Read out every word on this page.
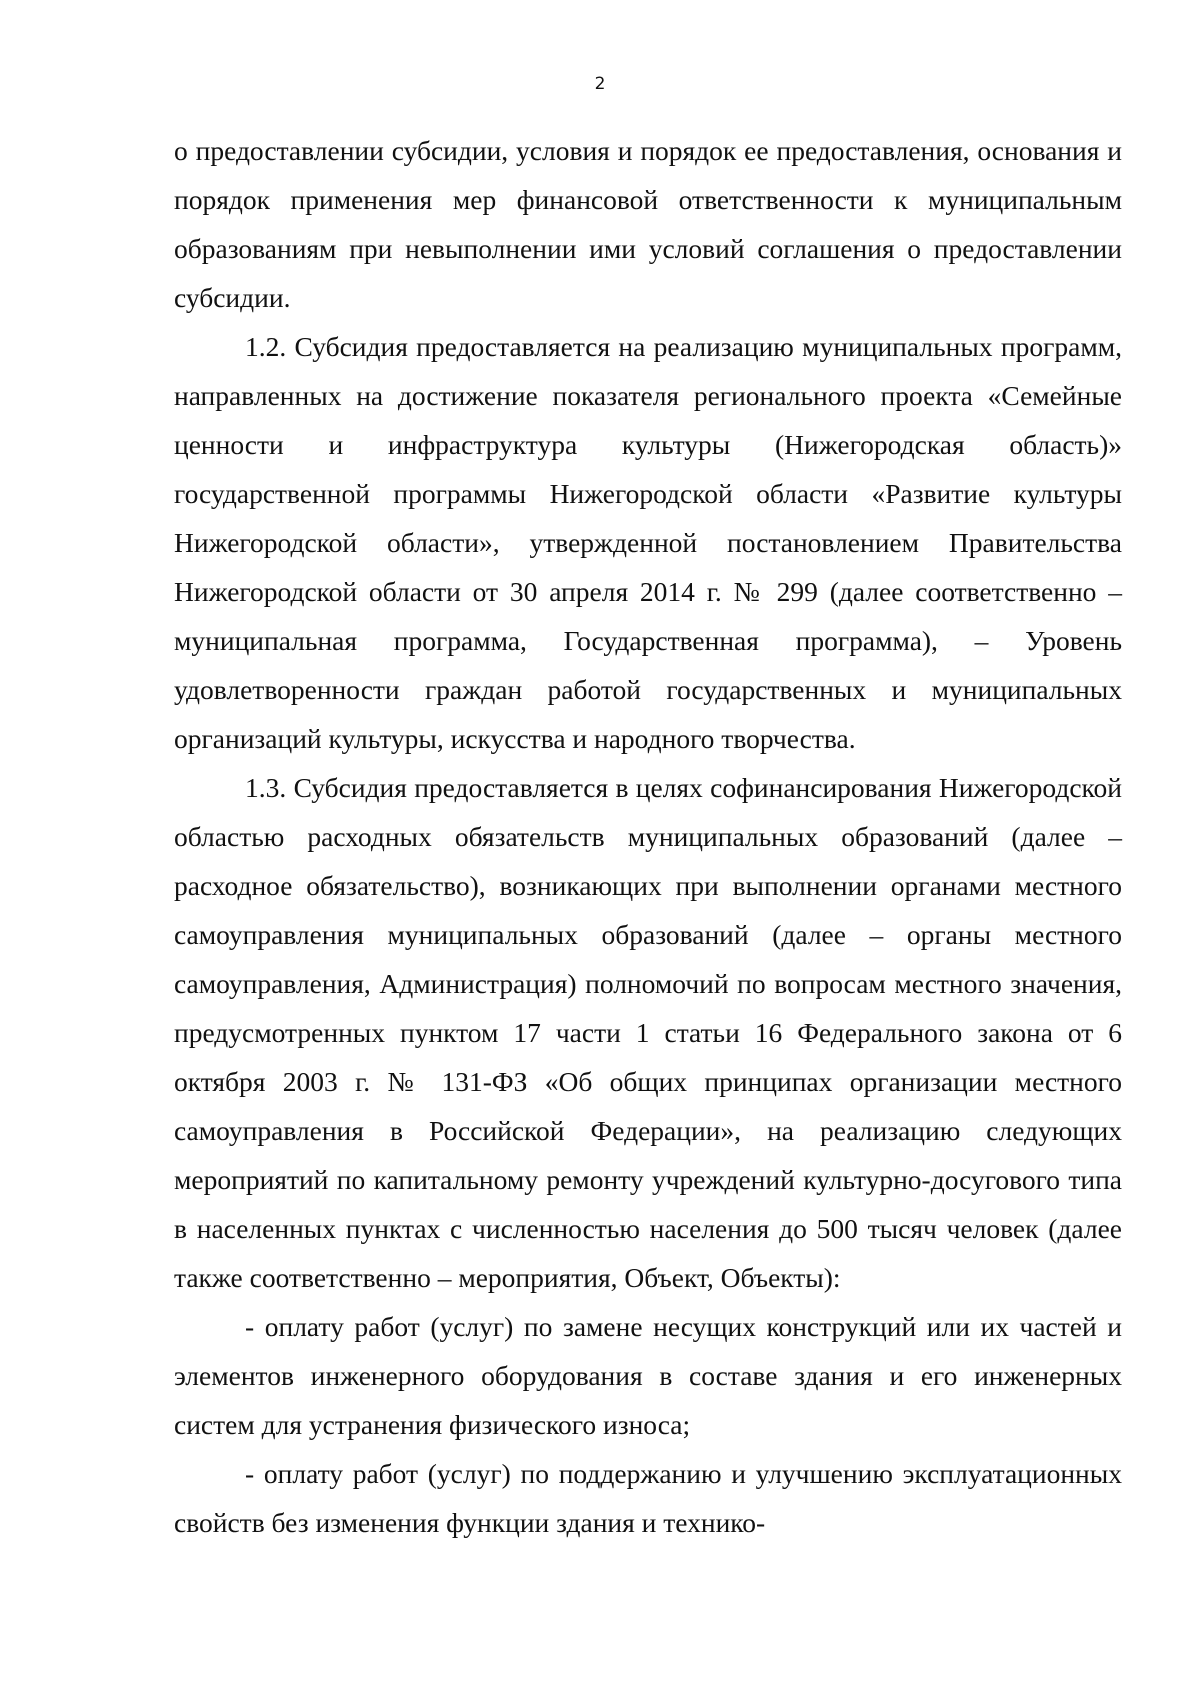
2

о предоставлении субсидии, условия и порядок ее предоставления, основания и порядок применения мер финансовой ответственности к муниципальным образованиям при невыполнении ими условий соглашения о предоставлении субсидии.

1.2. Субсидия предоставляется на реализацию муниципальных программ, направленных на достижение показателя регионального проекта «Семейные ценности и инфраструктура культуры (Нижегородская область)» государственной программы Нижегородской области «Развитие культуры Нижегородской области», утвержденной постановлением Правительства Нижегородской области от 30 апреля 2014 г. № 299 (далее соответственно – муниципальная программа, Государственная программа), – Уровень удовлетворенности граждан работой государственных и муниципальных организаций культуры, искусства и народного творчества.

1.3. Субсидия предоставляется в целях софинансирования Нижегородской областью расходных обязательств муниципальных образований (далее – расходное обязательство), возникающих при выполнении органами местного самоуправления муниципальных образований (далее – органы местного самоуправления, Администрация) полномочий по вопросам местного значения, предусмотренных пунктом 17 части 1 статьи 16 Федерального закона от 6 октября 2003 г. № 131-ФЗ «Об общих принципах организации местного самоуправления в Российской Федерации», на реализацию следующих мероприятий по капитальному ремонту учреждений культурно-досугового типа в населенных пунктах с численностью населения до 500 тысяч человек (далее также соответственно – мероприятия, Объект, Объекты):

- оплату работ (услуг) по замене несущих конструкций или их частей и элементов инженерного оборудования в составе здания и его инженерных систем для устранения физического износа;

- оплату работ (услуг) по поддержанию и улучшению эксплуатационных свойств без изменения функции здания и технико-
